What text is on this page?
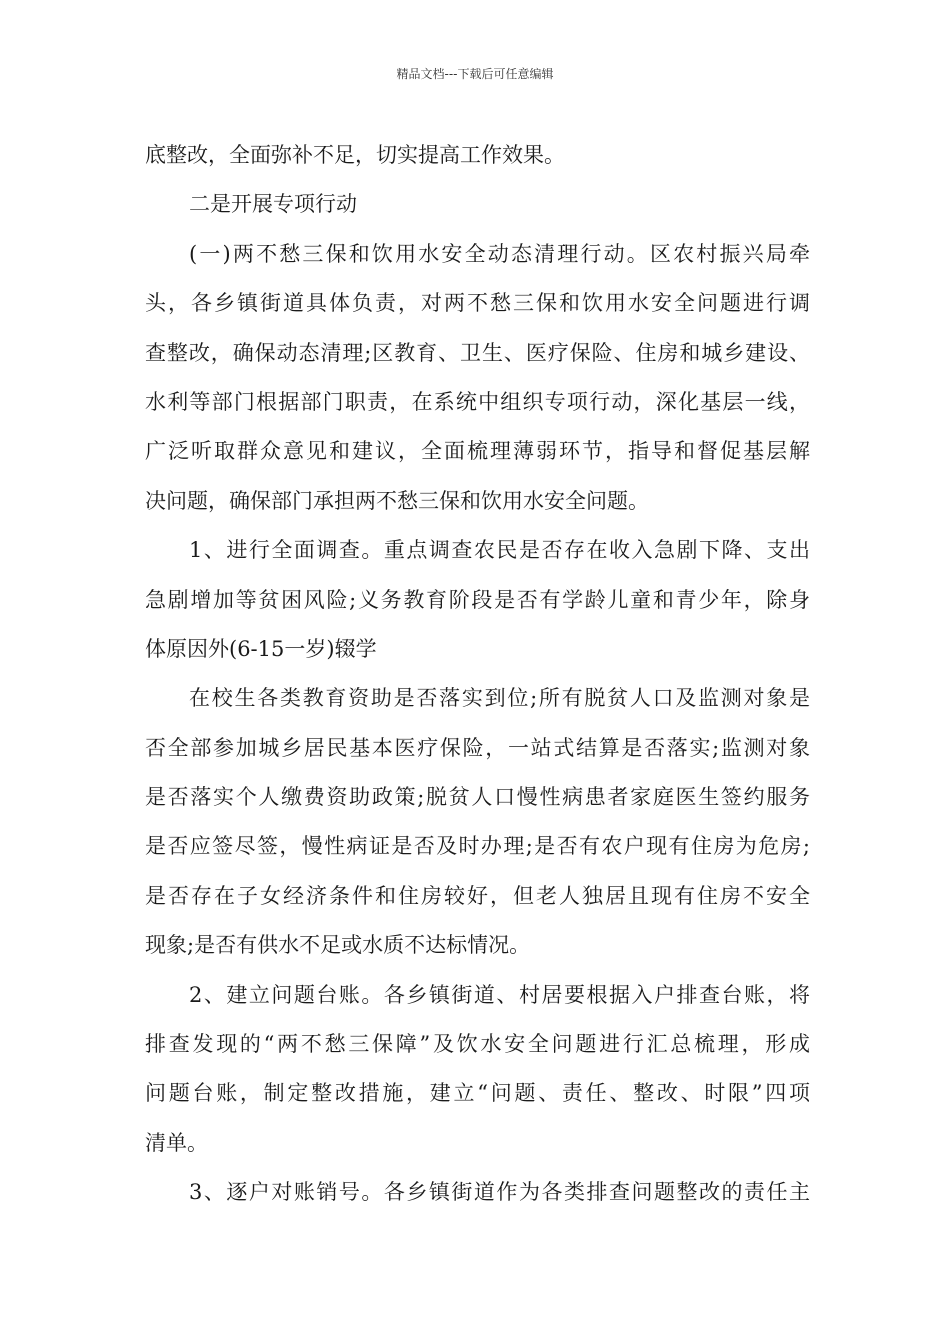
精品文档---下载后可任意编辑
底整改，全面弥补不足，切实提高工作效果。
二是开展专项行动
(一)两不愁三保和饮用水安全动态清理行动。区农村振兴局牵
头，各乡镇街道具体负责，对两不愁三保和饮用水安全问题进行调
查整改，确保动态清理;区教育、卫生、医疗保险、住房和城乡建设、
水利等部门根据部门职责，在系统中组织专项行动，深化基层一线，
广泛听取群众意见和建议，全面梳理薄弱环节，指导和督促基层解
决问题，确保部门承担两不愁三保和饮用水安全问题。
1、进行全面调查。重点调查农民是否存在收入急剧下降、支出
急剧增加等贫困风险;义务教育阶段是否有学龄儿童和青少年，除身
体原因外(6-15一岁)辍学
在校生各类教育资助是否落实到位;所有脱贫人口及监测对象是
否全部参加城乡居民基本医疗保险，一站式结算是否落实;监测对象
是否落实个人缴费资助政策;脱贫人口慢性病患者家庭医生签约服务
是否应签尽签，慢性病证是否及时办理;是否有农户现有住房为危房;
是否存在子女经济条件和住房较好，但老人独居且现有住房不安全
现象;是否有供水不足或水质不达标情况。
2、建立问题台账。各乡镇街道、村居要根据入户排查台账，将
排查发现的“两不愁三保障”及饮水安全问题进行汇总梳理，形成
问题台账，制定整改措施，建立“问题、责任、整改、时限”四项
清单。
3、逐户对账销号。各乡镇街道作为各类排查问题整改的责任主
